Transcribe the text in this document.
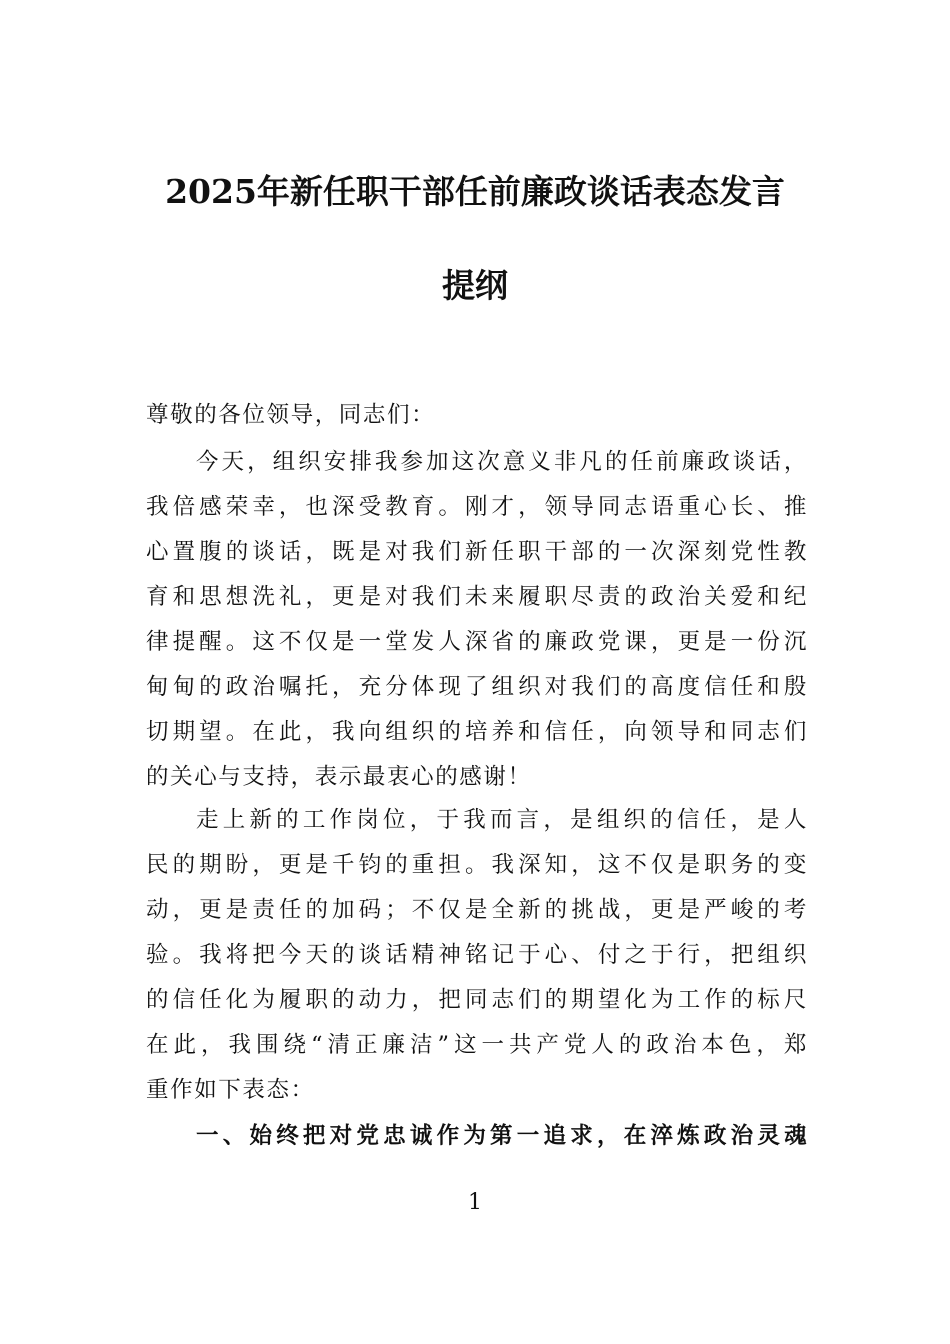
2025年新任职干部任前廉政谈话表态发言
提纲

尊敬的各位领导，同志们：

今天，组织安排我参加这次意义非凡的任前廉政谈话，
我倍感荣幸，也深受教育。刚才，领导同志语重心长、推
心置腹的谈话，既是对我们新任职干部的一次深刻党性教
育和思想洗礼，更是对我们未来履职尽责的政治关爱和纪
律提醒。这不仅是一堂发人深省的廉政党课，更是一份沉
甸甸的政治嘱托，充分体现了组织对我们的高度信任和殷
切期望。在此，我向组织的培养和信任，向领导和同志们
的关心与支持，表示最衷心的感谢！
走上新的工作岗位，于我而言，是组织的信任，是人
民的期盼，更是千钧的重担。我深知，这不仅是职务的变
动，更是责任的加码；不仅是全新的挑战，更是严峻的考
验。我将把今天的谈话精神铭记于心、付之于行，把组织
的信任化为履职的动力，把同志们的期望化为工作的标尺
在此，我围绕“清正廉洁”这一共产党人的政治本色，郑
重作如下表态：
一、始终把对党忠诚作为第一追求，在淬炼政治灵魂

1
